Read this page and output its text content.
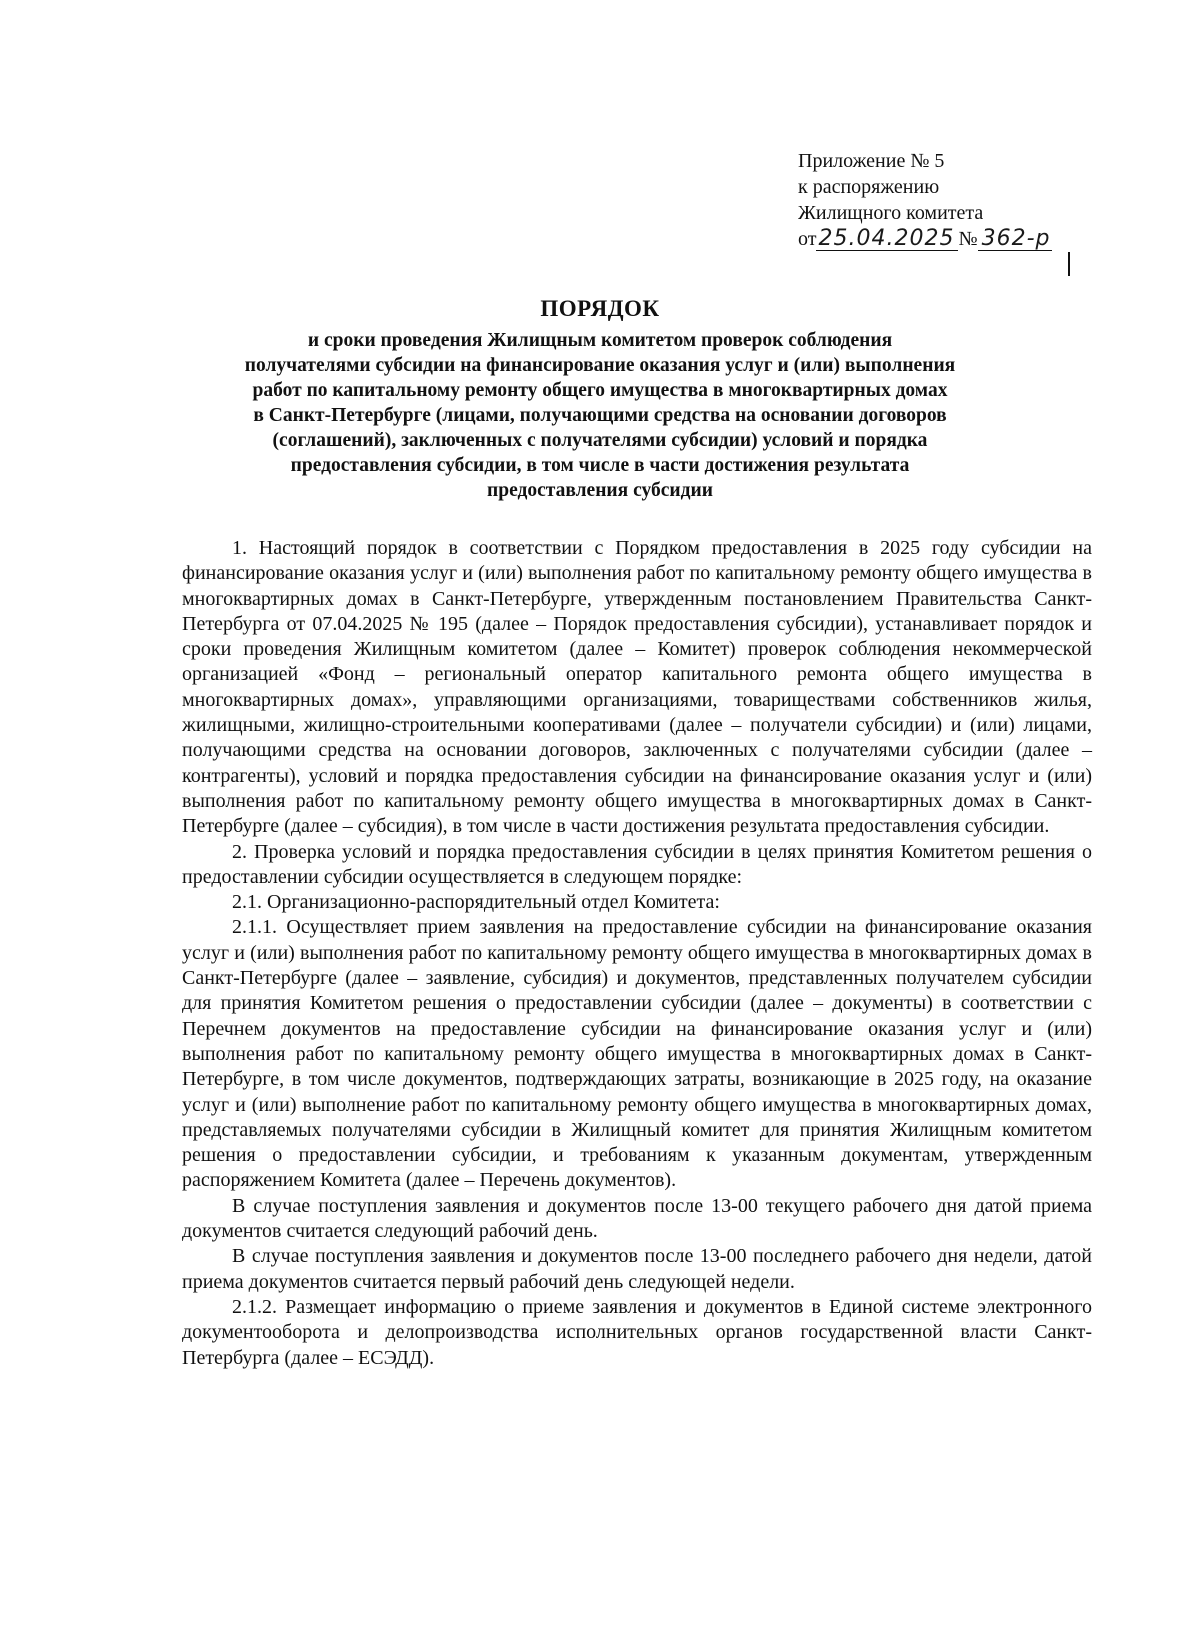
Приложение № 5
к распоряжению
Жилищного комитета
от25.04.2025 № 362-р
ПОРЯДОК
и сроки проведения Жилищным комитетом проверок соблюдения
получателями субсидии на финансирование оказания услуг и (или) выполнения
работ по капитальному ремонту общего имущества в многоквартирных домах
в Санкт-Петербурге (лицами, получающими средства на основании договоров
(соглашений), заключенных с получателями субсидии) условий и порядка
предоставления субсидии, в том числе в части достижения результата
предоставления субсидии

1. Настоящий порядок в соответствии с Порядком предоставления в 2025 году субсидии на финансирование оказания услуг и (или) выполнения работ по капитальному ремонту общего имущества в многоквартирных домах в Санкт-Петербурге, утвержденным постановлением Правительства Санкт-Петербурга от 07.04.2025 № 195 (далее – Порядок предоставления субсидии), устанавливает порядок и сроки проведения Жилищным комитетом (далее – Комитет) проверок соблюдения некоммерческой организацией «Фонд – региональный оператор капитального ремонта общего имущества в многоквартирных домах», управляющими организациями, товариществами собственников жилья, жилищными, жилищно-строительными кооперативами (далее – получатели субсидии) и (или) лицами, получающими средства на основании договоров, заключенных с получателями субсидии (далее – контрагенты), условий и порядка предоставления субсидии на финансирование оказания услуг и (или) выполнения работ по капитальному ремонту общего имущества в многоквартирных домах в Санкт-Петербурге (далее – субсидия), в том числе в части достижения результата предоставления субсидии.

2. Проверка условий и порядка предоставления субсидии в целях принятия Комитетом решения о предоставлении субсидии осуществляется в следующем порядке:

2.1. Организационно-распорядительный отдел Комитета:

2.1.1. Осуществляет прием заявления на предоставление субсидии на финансирование оказания услуг и (или) выполнения работ по капитальному ремонту общего имущества в многоквартирных домах в Санкт-Петербурге (далее – заявление, субсидия) и документов, представленных получателем субсидии для принятия Комитетом решения о предоставлении субсидии (далее – документы) в соответствии с Перечнем документов на предоставление субсидии на финансирование оказания услуг и (или) выполнения работ по капитальному ремонту общего имущества в многоквартирных домах в Санкт-Петербурге, в том числе документов, подтверждающих затраты, возникающие в 2025 году, на оказание услуг и (или) выполнение работ по капитальному ремонту общего имущества в многоквартирных домах, представляемых получателями субсидии в Жилищный комитет для принятия Жилищным комитетом решения о предоставлении субсидии, и требованиям к указанным документам, утвержденным распоряжением Комитета (далее – Перечень документов).

В случае поступления заявления и документов после 13-00 текущего рабочего дня датой приема документов считается следующий рабочий день.

В случае поступления заявления и документов после 13-00 последнего рабочего дня недели, датой приема документов считается первый рабочий день следующей недели.

2.1.2. Размещает информацию о приеме заявления и документов в Единой системе электронного документооборота и делопроизводства исполнительных органов государственной власти Санкт-Петербурга (далее – ЕСЭДД).
